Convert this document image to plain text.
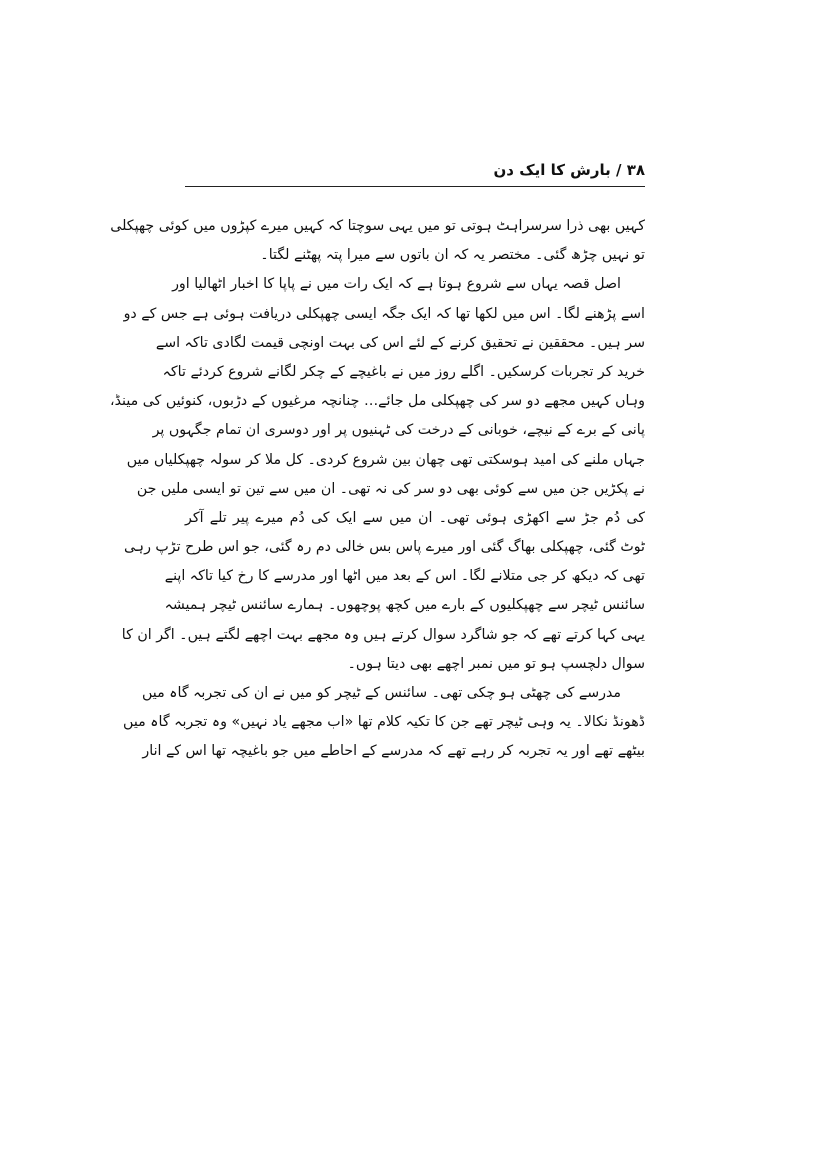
۳۸ / بارش کا ایک دن
کہیں بھی ذرا سرسراہٹ ہوتی تو میں یہی سوچتا کہ کہیں میرے کپڑوں میں کوئی چھپکلی
تو نہیں چڑھ گئی۔ مختصر یہ کہ ان باتوں سے میرا پتہ پھٹنے لگتا۔
اصل قصہ یہاں سے شروع ہوتا ہے کہ ایک رات میں نے پاپا کا اخبار اٹھالیا اور
اسے پڑھنے لگا۔ اس میں لکھا تھا کہ ایک جگہ ایسی چھپکلی دریافت ہوئی ہے جس کے دو
سر ہیں۔ محققین نے تحقیق کرنے کے لئے اس کی بہت اونچی قیمت لگادی تاکہ اسے
خرید کر تجربات کرسکیں۔ اگلے روز میں نے باغیچے کے چکر لگانے شروع کردئے تاکہ
وہاں کہیں مجھے دو سر کی چھپکلی مل جائے… چنانچہ مرغیوں کے دڑبوں، کنوئیں کی مینڈ،
پانی کے برے کے نیچے، خوبانی کے درخت کی ٹہنیوں پر اور دوسری ان تمام جگہوں پر
جہاں ملنے کی امید ہوسکتی تھی چھان بین شروع کردی۔ کل ملا کر سولہ چھپکلیاں میں
نے پکڑیں جن میں سے کوئی بھی دو سر کی نہ تھی۔ ان میں سے تین تو ایسی ملیں جن
کی دُم جڑ سے اکھڑی ہوئی تھی۔ ان میں سے ایک کی دُم میرے پیر تلے آکر
ٹوٹ گئی، چھپکلی بھاگ گئی اور میرے پاس بس خالی دم رہ گئی، جو اس طرح تڑپ رہی
تھی کہ دیکھ کر جی متلانے لگا۔ اس کے بعد میں اٹھا اور مدرسے کا رخ کیا تاکہ اپنے
سائنس ٹیچر سے چھپکلیوں کے بارے میں کچھ پوچھوں۔ ہمارے سائنس ٹیچر ہمیشہ
یہی کہا کرتے تھے کہ جو شاگرد سوال کرتے ہیں وہ مجھے بہت اچھے لگتے ہیں۔ اگر ان کا
سوال دلچسپ ہو تو میں نمبر اچھے بھی دیتا ہوں۔
مدرسے کی چھٹی ہو چکی تھی۔ سائنس کے ٹیچر کو میں نے ان کی تجربہ گاہ میں
ڈھونڈ نکالا۔ یہ وہی ٹیچر تھے جن کا تکیہ کلام تھا «اب مجھے یاد نہیں» وہ تجربہ گاہ میں
بیٹھے تھے اور یہ تجربہ کر رہے تھے کہ مدرسے کے احاطے میں جو باغیچہ تھا اس کے انار
